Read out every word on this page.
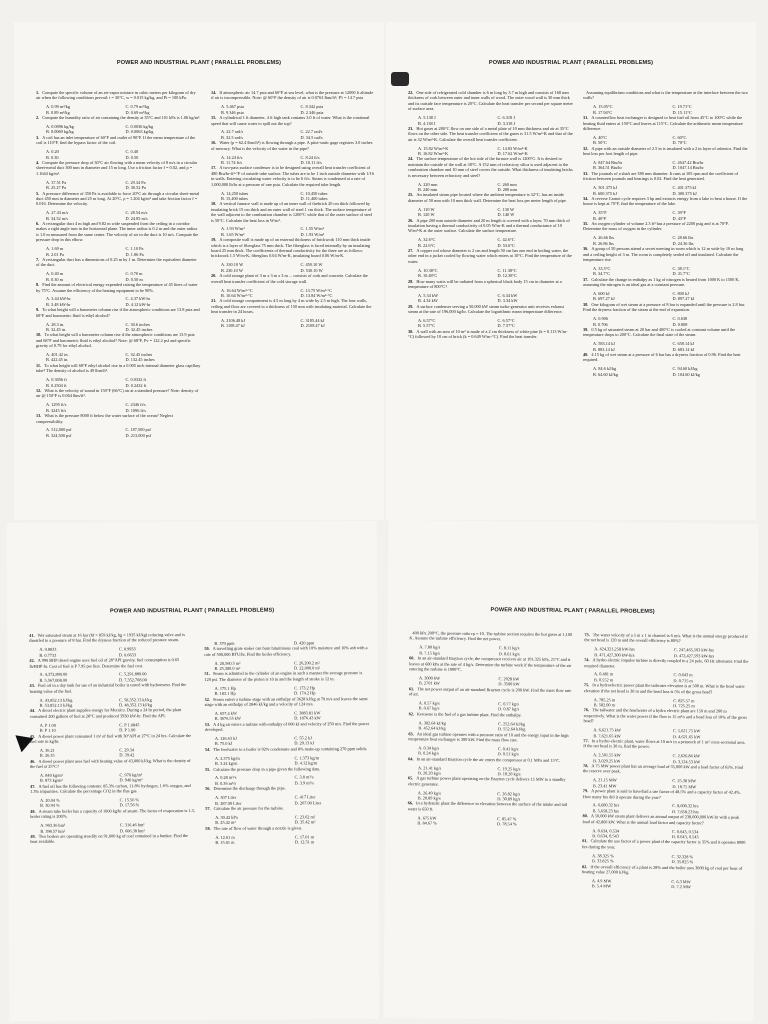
POWER AND INDUSTRIAL PLANT ( PARALLEL PROBLEMS)
1. Compute the specific volume of an air-vapor mixture in cubic meters per kilogram of dry air when the following conditions prevail: t = 30°C, w = 0.015 kg/kg, and Pt = 100 kPa.
A. 0.99 m³/kg	C. 0.79 m³/kg
B. 0.89 m³/kg	D. 0.69 m³/kg
2. Compute the humidity ratio of air containing the density at 35°C and 101 kPa is 1.06 kg/m³.
A. 0.0096 kg/kg	C. 0.0036 kg/kg
B. 0.0069 kg/kg	D. 0.0063 kg/kg
3. A coil has an inlet temperature of 60°F and outlet of 90°F. If the mean temperature of the coil is 110°F, find the bypass factor of the coil.
A. 0.20	C. 0.40
B. 0.30	D. 0.50
4. Compute the pressure drop of 30°C air flowing with a mean velocity of 8 m/s in a circular sheet-metal duct 300 mm in diameter and 15 m long. Use a friction factor f = 0.02, and ρ = 1.1644 kg/m³.
A. 37.51 Pa	C. 29.34 Pa
B. 25.27 Pa	D. 30.52 Pa
5. A pressure difference of 350 Pa is available to force 20°C air through a circular sheet-metal duct 450 mm in diameter and 25 m long. At 20°C, ρ = 1.204 kg/m³ and take friction factor f = 0.016. Determine the velocity.
A. 27.43 m/s	C. 28.54 m/s
B. 34.52 m/s	D. 24.85 m/s
6. A rectangular duct 4 m high and 9.82 m wide suspended from the ceiling in a corridor makes a right angle turn in the horizontal plane. The inner radius is 0.2 m and the outer radius is 1.0 m measured from the same center. The velocity of air in the duct is 10 m/s. Compute the pressure drop in this elbow.
A. 1.69 m	C. 1.10 Pa
B. 2.01 Pa	D. 1.86 Pa
7. A rectangular duct has a dimensions of 0.25 m by 1 m. Determine the equivalent diameter of the duct.
A. 0.40 m	C. 0.70 m
B. 0.30 m	D. 0.50 m
8. Find the amount of electrical energy expended raising the temperature of 45 liters of water by 75°C. Assume the efficiency of the heating equipment to be 90%.
A. 3.44 kW-hr	C. 4.37 kW-hr
B. 3.48 kW-hr	D. 4.12 kW-hr
9. To what height will a barometer column rise if the atmospheric conditions are 13.8 psia and 68°F and barometric fluid is ethyl alcohol?
A. 28.3 in.	C. 30.6 inches
B. 32.45 in.	D. 32.45 inches
10. To what height will a barometer column rise if the atmospheric conditions are 13.9 psia and 68°F and barometric fluid is ethyl alcohol? Note: @ 68°F, Pv = 122.2 psf and specific gravity of 0.79 for ethyl alcohol.
A. 401.42 in.	C. 32.45 inches
B. 422.45 in.	D. 132.45 inches
11. To what height will 68°F ethyl alcohol rise in a 0.005 inch internal diameter glass capillary tube? The density of alcohol is 49 lbm/ft³.
A. 0.3056 ft	C. 0.0332 ft
B. 0.2504 ft	D. 0.2432 ft
12. What is the velocity of sound in 150°F (66°C) air at a standard pressure? Note: density of air @ 150°F is 0.064 lbm/ft³.
A. 1295 ft/s	C. 2346 ft/s
B. 3245 ft/s	D. 1096 ft/s
13. What is the pressure 8000 ft below the water surface of the ocean? Neglect compressibility.
A. 512,000 psf	C. 187,500 psf
B. 324,500 psf	D. 213,000 psf
14. If atmospheric air 14.7 psia and 60°F at sea level, what is the pressure at 12000 ft altitude if air is incompressible. Note: @ 60°F the density of air is 0.0763 lbm/ft³; P1 = 14.7 psia
A. 5.467 psia	C. 8.342 psia
B. 9.346 psia	D. 2.346 psia
15. A cylindrical 1 ft diameter, 4 ft high tank contains 3.0 ft of water. What is the rotational speed that will cause water to spill out the top?
A. 22.7 rad/s	C. 22.7 rad/s
B. 32.5 rad/s	D. 34.5 rad/s
16. Water (ρ = 62.4 lbm/ft³) is flowing through a pipe. A pitot-static gage registers 3.0 inches of mercury. What is the velocity of the water in the pipe?
A. 14.24 ft/s	C. 8.24 ft/s
B. 11.74 ft/s	D. 10.11 ft/s
17. A two-pass surface condenser is to be designed using overall heat transfer coefficient of 480 Btu/hr-ft²-°F of outside tube surface. The tubes are to be 1 inch outside diameter with 1/16 in walls. Entering circulating water velocity is to be 6 ft/s. Steam is condensed at a rate of 1,000,000 lb/hr at a pressure of one psia. Calculate the required tube length.
A. 14,250 tubes	C. 10,450 tubes
B. 15,400 tubes	D. 11,400 tubes
18. A vertical furnace wall is made up of an inner wall of firebrick 20 cm thick followed by insulating brick 15 cm thick and an outer wall of steel 1 cm thick. The surface temperature of the wall adjacent to the combustion chamber is 1200°C while that of the outer surface of steel is 50°C. Calculate the heat loss in W/m².
A. 1.93 W/m²	C. 1.55 W/m²
B. 1.65 W/m²	D. 1.93 W/m²
19. A composite wall is made up of an external thickness of brickwork 110 mm thick inside which is a layer of fiberglass 75 mm thick. The fiberglass is faced internally by an insulating board 25 mm thick. The coefficients of thermal conductivity for the three are as follows: brickwork 1.5 W/m-K, fiberglass 0.04 W/m-K, insulating board 0.06 W/m-K.
A. 330.10 W	C. 450.10 W
B. 230.10 W	D. 530.10 W
20. A cold storage plant of 3 m x 3 m x 3 m ... consists of cork and concrete. Calculate the overall heat transfer coefficient of the cold storage wall.
A. 16.64 W/m²-°C	C. 13.75 W/m²-°C
B. 10.64 W/m²-°C	D. 13.84 W/m²-°C
21. A cold storage compartment is 4.5 m long by 4 m wide by 2.5 m high. The four walls, ceiling and floor are covered to a thickness of 150 mm with insulating material. Calculate the heat transfer in 24 hours.
A. 2106.48 kJ	C. 3185.44 kJ
B. 1108.47 kJ	D. 2108.47 kJ
POWER AND INDUSTRIAL PLANT ( PARALLEL PROBLEMS)
22. One side of refrigerated cold chamber is 6 m long by 3.7 m high and consists of 168 mm thickness of cork between outer and inner walls of wood. The outer wood wall is 30 mm thick and its outside face temperature is 20°C. Calculate the heat transfer per second per square meter of surface area.
A. 5.138 J	C. 6.318 J
B. 4.138 J	D. 3.318 J
23. Hot gases at 280°C flow on one side of a metal plate of 10 mm thickness and air at 35°C flows on the other side. The heat transfer coefficient of the gases is 31.5 W/m²-K and that of the air is 32 W/m²-K. Calculate the overall heat transfer coefficient.
A. 15.82 W/m²-K	C. 14.83 W/m²-K
B. 16.82 W/m²-K	D. 17.62 W/m²-K
24. The surface temperature of the hot side of the furnace wall is 1200°C. It is desired to maintain the outside of the wall at 38°C. A 152 mm of refractory silica is used adjacent to the combustion chamber and 10 mm of steel covers the outside. What thickness of insulating bricks is necessary between refractory and steel?
A. 220 mm	C. 260 mm
B. 240 mm	D. 280 mm
25. An insulated steam pipe located where the ambient temperature is 32°C, has an inside diameter of 50 mm with 10 mm thick wall. Determine the heat loss per meter length of pipe.
A. 110 W	C. 130 W
B. 120 W	D. 140 W
26. A pipe 200 mm outside diameter and 20 m length is covered with a layer, 70 mm thick of insulation having a thermal conductivity of 0.05 W/m-K and a thermal conductance of 10 W/m²-K at the outer surface. Calculate the surface temperature.
A. 32.6°C	C. 42.6°C
B. 22.6°C	D. 53.6°C
27. A copper rod whose diameter is 2 cm and length 50 cm has one end in boiling water, the other end in a jacket cooled by flowing water which enters at 10°C. Find the temperature of the water.
A. 10.38°C	C. 11.38°C
B. 10.48°C	D. 12.38°C
28. How many watts will be radiated from a spherical black body 15 cm in diameter at a temperature of 800°C?
A. 5.34 kW	C. 6.34 kW
B. 4.34 kW	D. 3.34 kW
29. A surface condenser serving a 50,000 kW steam turbo-generator unit receives exhaust steam at the rate of 196,000 kg/hr. Calculate the logarithmic mean temperature difference.
A. 6.57°C	C. 6.57°C
B. 5.57°C	D. 7.57°C
30. A wall with an area of 10 m² is made of a 2 cm thickness of white pine (k = 0.113 W/m-°C) followed by 10 cm of brick (k = 0.649 W/m-°C). Find the heat transfer.
Assuming equilibrium conditions and what is the temperature at the interface between the two walls?
A. 15.05°C	C. 19.71°C
B. 17.94°C	D. 15.11°C
31. A counterflow heat exchanger is designed to heat fuel oil from 45°C to 100°C while the heating fluid enters at 150°C and leaves at 115°C. Calculate the arithmetic mean temperature difference.
A. 40°C	C. 60°C
B. 50°C	D. 70°C
32. A pipe with an outside diameter of 2.5 in is insulated with a 2 in layer of asbestos. Find the heat loss per foot length of pipe.
A. 847.64 Btu/hr	C. 2647.42 Btu/hr
B. 364.51 Btu/hr	D. 1047.14 Btu/hr
33. The journals of a shaft are 380 mm diameter. It runs at 105 rpm and the coefficient of friction between journals and bearings is 0.02. Find the heat generated.
A. 501.375 kJ	C. 401.375 kJ
B. 600.375 kJ	D. 300.375 kJ
34. A reverse Carnot cycle requires 3 hp and extracts energy from a lake to heat a house. If the house is kept at 70°F, find the temperature of the lake.
A. 35°F	C. 39°F
B. 40°F	D. 43°F
35. An oxygen cylinder of volume 2.3 ft³ has a pressure of 2200 psig and is at 70°F. Determine the mass of oxygen in the cylinder.
A. 26.66 lbs	C. 28.66 lbs
B. 26.86 lbs	D. 24.36 lbs
36. A group of 50 persons attend a secret meeting in room which is 12 m wide by 10 m long and a ceiling height of 3 m. The room is completely sealed off and insulated. Calculate the temperature rise.
A. 33.5°C	C. 38.1°C
B. 34.7°C	D. 31.7°C
37. Calculate the change in enthalpy as 1 kg of nitrogen is heated from 1000 K to 1500 K, assuming the nitrogen is an ideal gas at a constant pressure.
A. 600 kJ	C. 800 kJ
B. 697.27 kJ	D. 897.27 kJ
38. One kilogram of wet steam at a pressure of 8 bar is expanded until the pressure is 2.8 bar. Find the dryness fraction of the steam at the end of expansion.
A. 0.906	C. 0.638
B. 0.706	D. 0.808
39. 0.5 kg of saturated steam at 20 bar and 400°C is cooled at constant volume until the temperature drops to 200°C. Calculate the final state of the steam.
A. 583.14 kJ	C. 658.14 kJ
B. 883.14 kJ	D. 683.14 kJ
40. 4.15 kg of wet steam at a pressure of 6 bar has a dryness fraction of 0.96. Find the heat required.
A. 84.6 kJ/kg	C. 94.60 kJ/kg
B. 64.60 kJ/kg	D. 104.60 kJ/kg
POWER AND INDUSTRIAL PLANT ( PARALLEL PROBLEMS)
41. Wet saturated steam at 16 bar (hf = 859 kJ/kg, hg = 1935 kJ/kg) reducing valve and is throttled to a pressure of 8 bar. Find the dryness fraction of the reduced pressure steam.
A. 0.8833	C. 0.9933
B. 0.7733	D. 0.6633
42. A 990 BHP diesel engine uses fuel oil of 28°API gravity, fuel consumption is 0.65 lb/BHP-hr. Cost of fuel is P 7.95 per liter. Determine the fuel cost.
A. 4,372,890.00	C. 5,291,880.00
B. 5,567,008.00	D. 7,352,768.00
43. Fuel oil in a day tank for use of an industrial boiler is tested with hydrometer. Find the heating value of the fuel.
A. 43,852.13 kJ/kg	C. 58,352.13 kJ/kg
B. 53,852.13 kJ/kg	D. 48,352.13 kJ/kg
44. A diesel electric plant supplies energy for Meralco. During a 24 hr period, the plant consumed 200 gallons of fuel at 28°C and produced 3930 kW-hr. Find the API.
A. P 1.00	C. P 1.0845
B. P 1.10	D. P 1.00
45. A diesel power plant consumed 1 m³ of fuel with 30°API at 27°C in 24 hrs. Calculate the fuel rate in kg/hr.
A. 36.21	C. 29.34
B. 26.35	D. 39.42
46. A diesel power plant uses fuel with heating value of 43,000 kJ/kg. What is the density of the fuel at 25°C?
A. 840 kg/m³	C. 970 kg/m³
B. 873 kg/m³	D. 940 kg/m³
47. A fuel oil has the following contents: 85.3% carbon, 11.8% hydrogen, 1.6% oxygen, and 1.3% impurities. Calculate the percentage CO2 in the flue gas.
A. 20.04 %	C. 15.56 %
B. 30.94 %	D. 17.56 %
48. A steam tube boiler has a capacity of 1000 kg/hr of steam. The factor of evaporation is 1.3, boiler rating is 200%.
A. 903.36 hm²	C. 316.46 hm²
B. 398.57 hm²	D. 606.38 hm²
49. Two boilers are operating steadily on 91,000 kg of coal contained in a bunker. Find the heat available.
B. 370 ppm	D. 420 ppm
50. A travelling grate stoker can burn bituminous coal with 10% moisture and 10% ash with a rate of 500,000 BTU/hr. Find the boiler efficiency.
A. 20,560.5 m²	C. 26,200.2 m²
B. 25,380.0 m²	D. 22,000.0 m²
51. Steam is admitted to the cylinder of an engine in such a manner the average pressure is 120 psi. The diameter of the piston is 10 in and the length of stroke is 12 in.
A. 175.1 Hp	C. 173.2 Hp
B. 183.1 Hp	D. 174.2 Hp
52. Steam enters a turbine stage with an enthalpy of 3628 kJ/kg at 70 m/s and leaves the same stage with an enthalpy of 2846 kJ/kg and a velocity of 124 m/s.
A. 657.4 kW	C. 3883.81 kW
B. 3676.55 kW	D. 1876.43 kW
53. A 4 kg air enters a turbine with enthalpy of 600 kJ and velocity of 250 m/s. Find the power developed.
A. 126.63 kJ	C. 55.2 kJ
B. 75.0 kJ	D. 29.13 kJ
54. The feedwater to a boiler is 92% condensate and 8% make-up containing 270 ppm solids.
A. 2.375 kg/m	C. 1.373 kg/m
B. 3.24 kg/m	D. 4.12 kg/m
55. Calculate the pressure drop in a pipe given the following data.
A. 0.28 m³/s	C. 3.8 m³/s
B. 0.36 m³/s	D. 3.9 m³/s
56. Determine the discharge through the pipe.
A. 307 Liter	C. 417 Liter
B. 287.00 Liter	D. 267.00 Liter
57. Calculate the air pressure for the turbine.
A. 30.42 kPa	C. 23.62 m²
B. 25.42 m²	D. 35.42 m²
58. The rate of flow of water through a nozzle is given.
A. 12.01 m	C. 17.01 m
B. 15.01 m	D. 12.51 m
POWER AND INDUSTRIAL PLANT ( PARALLEL PROBLEMS)
400 kPa 200°C, the pressure ratio rp = 10. The turbine section requires the hot gases at 1,100 K. Assume the turbine efficiency. Find the net power.
A. 7.80 kg/s	C. 8.11 kg/s
B. 7.15 kg/s	D. 8.61 kg/s
60. In an air-standard Brayton cycle, the compressor receives air at 101.325 kPa, 21°C and it leaves at 600 kPa at the rate of 4 kg/s. Determine the turbine work if the temperature of the air entering the turbine is 1000°C.
A. 3000 kW	C. 2028 kW
B. 2701 kW	D. 3500 kW
61. The net power output of an air-standard Brayton cycle is 200 kW. Find the mass flow rate of air.
A. 0.57 kg/s	C. 0.77 kg/s
B. 0.67 kg/s	D. 0.87 kg/s
62. Kerosene is the fuel of a gas turbine plant. Find the enthalpy.
A. 302.64 kJ/kg	C. 252.64 kJ/kg
B. 452.64 kJ/kg	D. 552.64 kJ/kg
63. An ideal gas turbine operates with a pressure ratio of 10 and the energy input in the high temperature heat exchanger is 300 kW. Find the mass flow rate.
A. 0.34 kg/s	C. 0.41 kg/s
B. 0.24 kg/s	D. 0.51 kg/s
64. In an air-standard Brayton cycle the air enters the compressor at 0.1 MPa and 15°C.
A. 21.41 kg/s	C. 19.25 kg/s
B. 20.20 kg/s	D. 18.20 kg/s
65. A gas turbine power plant operating on the Brayton cycle delivers 15 MW to a standby electric generator.
A. 26.49 kg/s	C. 26.82 kg/s
B. 20.89 kg/s	D. 30.89 kg/s
66. In a hydraulic plant the difference in elevation between the surface of the intake and tail water is 650 ft.
A. 675 kW	C. 85.47 %
B. 84.67 %	D. 78.54 %
73. The water velocity of a 5 m x 1 m channel is 6 m/s. What is the annual energy produced if the net head is 120 m and the overall efficiency is 80%?
A. 424,321,258 kW-hrs	C. 247,465,503 kW-hrs
B. 471,427,300 kW-hrs	D. 472,427,593 kW-hrs
74. A hydro electric impulse turbine is directly coupled to a 24 pole, 60 Hz alternator. Find the required diameter.
A. 0.481 m	C. 0.643 m
B. 0.552 m	D. 0.715 m
75. In a hydroelectric power plant the tailwater elevation is at 500 m. What is the head water elevation if the net head is 30 m and the head loss is 5% of the gross head?
A. 785.25 m	C. 825.57 m
B. 582.00 m	D. 725.25 m
76. The tailwater and the headwater of a hydro electric plant are 150 m and 200 m respectively. What is the water power if the flow is 15 m³/s and a head loss of 10% of the gross head?
A. 6,621.75 kW	C. 5,621.75 kW
B. 7,621.65 kW	D. 4,621.65 kW
77. In a hydro-electric plant, water flows at 10 m/s in a penstock of 1 m² cross-sectional area. If the net head is 30 m, find the power.
A. 2,501.55 kW	C. 2,626.84 kW
B. 3,029.25 kW	D. 3,124.53 kW
78. A 75 MW power plant has an average load of 35,000 kW and a load factor of 65%. Find the reserve over peak.
A. 21.15 MW	C. 25.38 MW
B. 23.41 MW	D. 18.75 MW
79. A power plant is said to have/had a use factor of 48.5% and a capacity factor of 42.4%. How many hrs did it operate during the year?
A. 6,600.32 hrs	C. 8,600.32 hrs
B. 5,658.23 hrs	D. 7,658.23 hrs
80. A 50,000 kW steam plant delivers an annual output of 238,000,000 kW-hr with a peak load of 42,860 kW. What is the annual load factor and capacity factor?
A. 0.634, 0.534	C. 0.643, 0.534
B. 0.634, 0.543	D. 0.643, 0.543
81. Calculate the use factor of a power plant if the capacity factor is 35% and it operates 8000 hrs during the year.
A. 38.325 %	C. 32.328 %
B. 33.825 %	D. 35.825 %
82. If the overall efficiency of a plant is 28% and the boiler uses 3000 kg of coal per hour of heating value 27,000 kJ/kg.
A. 4.9 MW	C. 6.3 MW
B. 5.4 MW	D. 7.2 MW
